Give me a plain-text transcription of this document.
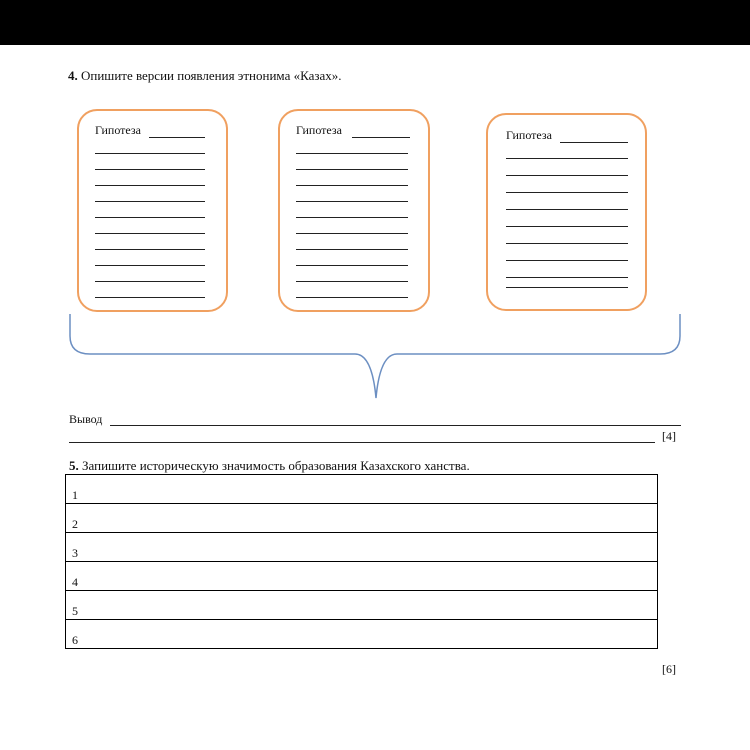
4. Опишите версии появления этнонима «Казах».
Гипотеза	Гипотеза	Гипотеза
Вывод
[4]
5. Запишите историческую значимость образования Казахского ханства.
1
2
3
4
5
6
[6]
